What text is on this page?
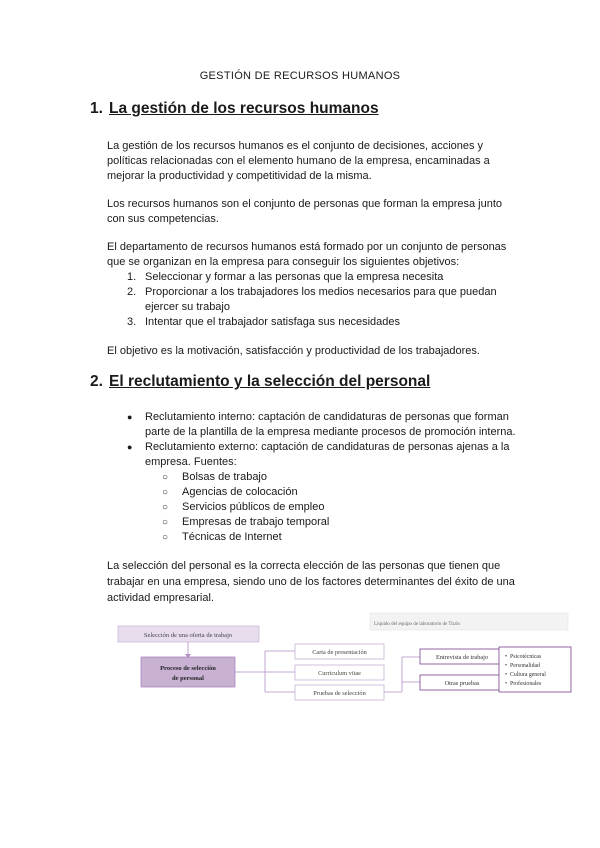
GESTIÓN DE RECURSOS HUMANOS
1. La gestión de los recursos humanos
La gestión de los recursos humanos es el conjunto de decisiones, acciones y
políticas relacionadas con el elemento humano de la empresa, encaminadas a
mejorar la productividad y competitividad de la misma.
Los recursos humanos son el conjunto de personas que forman la empresa junto
con sus competencias.
El departamento de recursos humanos está formado por un conjunto de personas
que se organizan en la empresa para conseguir los siguientes objetivos:
1. Seleccionar y formar a las personas que la empresa necesita
2. Proporcionar a los trabajadores los medios necesarios para que puedan
ejercer su trabajo
3. Intentar que el trabajador satisfaga sus necesidades
El objetivo es la motivación, satisfacción y productividad de los trabajadores.
2. El reclutamiento y la selección del personal
● Reclutamiento interno: captación de candidaturas de personas que forman
parte de la plantilla de la empresa mediante procesos de promoción interna.
● Reclutamiento externo: captación de candidaturas de personas ajenas a la
empresa. Fuentes:
○ Bolsas de trabajo
○ Agencias de colocación
○ Servicios públicos de empleo
○ Empresas de trabajo temporal
○ Técnicas de Internet
La selección del personal es la correcta elección de las personas que tienen que
trabajar en una empresa, siendo uno de los factores determinantes del éxito de una
actividad empresarial.
Líquido del equipo de laboratorio de Tizón
Selección de una oferta de trabajo
Proceso de selección
de personal
Carta de presentación
Curriculum vitae
Pruebas de selección
Entrevista de trabajo
Otras pruebas
• Psicotécnicas
• Personalidad
• Cultura general
• Profesionales
